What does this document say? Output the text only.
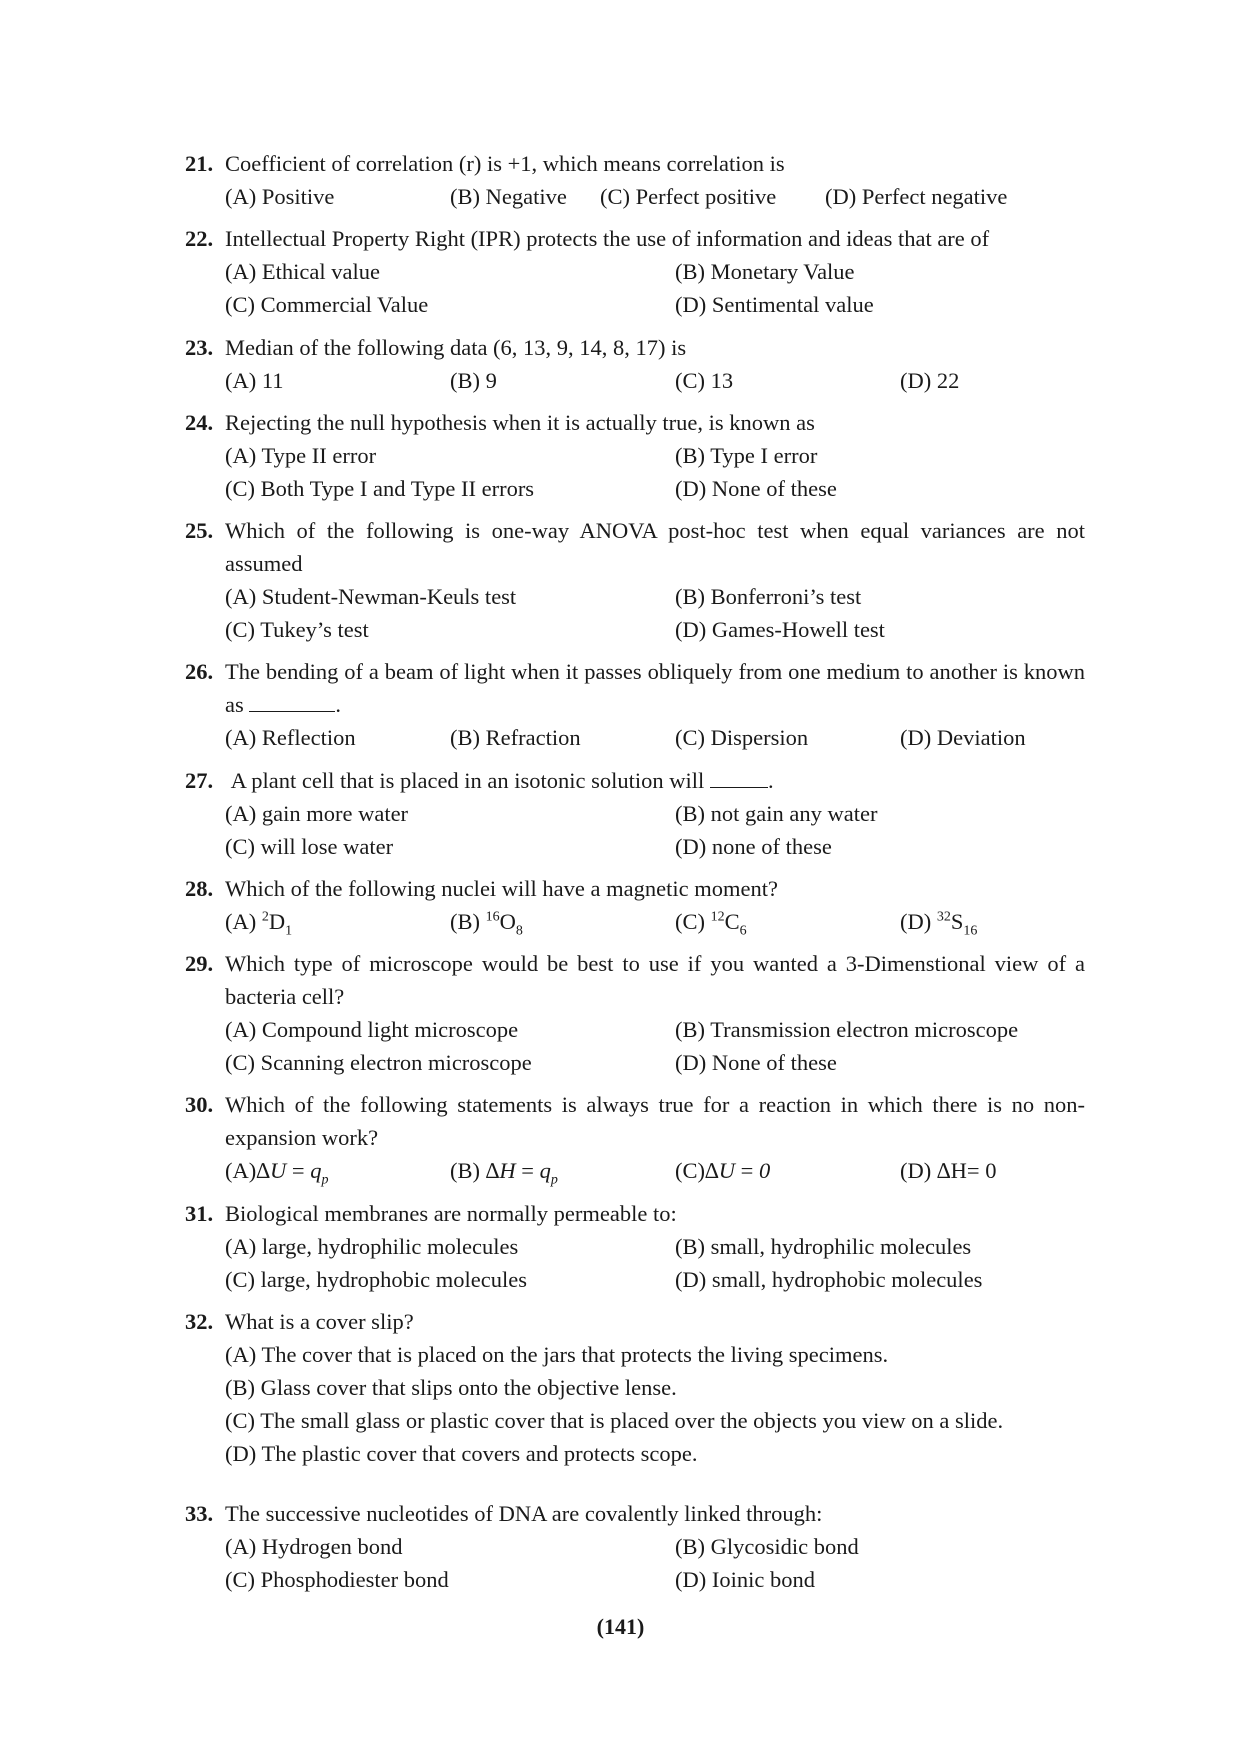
21. Coefficient of correlation (r) is +1, which means correlation is
(A) Positive	(B) Negative	(C) Perfect positive	(D) Perfect negative
22. Intellectual Property Right (IPR) protects the use of information and ideas that are of
(A) Ethical value	(B) Monetary Value
(C) Commercial Value	(D) Sentimental value
23. Median of the following data (6, 13, 9, 14, 8, 17) is
(A) 11	(B) 9	(C) 13	(D) 22
24. Rejecting the null hypothesis when it is actually true, is known as
(A) Type II error	(B) Type I error
(C) Both Type I and Type II errors	(D) None of these
25. Which of the following is one-way ANOVA post-hoc test when equal variances are not assumed
(A) Student-Newman-Keuls test	(B) Bonferroni’s test
(C) Tukey’s test	(D) Games-Howell test
26. The bending of a beam of light when it passes obliquely from one medium to another is known as	.
(A) Reflection	(B) Refraction	(C) Dispersion	(D) Deviation
27. A plant cell that is placed in an isotonic solution will	.
(A) gain more water	(B) not gain any water
(C) will lose water	(D) none of these
28. Which of the following nuclei will have a magnetic moment?
(A) $^2D_1$	(B) $^{16}O_8$	(C) $^{12}C_6$	(D) $^{32}S_{16}$
29. Which type of microscope would be best to use if you wanted a 3-Dimenstional view of a bacteria cell?
(A) Compound light microscope	(B) Transmission electron microscope
(C) Scanning electron microscope	(D) None of these
30. Which of the following statements is always true for a reaction in which there is no non-expansion work?
$(A)\Delta U = q_p$	(B) $\Delta H = q_p$	(C)∆U = 0	(D) ∆H= 0
31. Biological membranes are normally permeable to:
(A) large, hydrophilic molecules	(B) small, hydrophilic molecules
(C) large, hydrophobic molecules	(D) small, hydrophobic molecules
32. What is a cover slip?
(A) The cover that is placed on the jars that protects the living specimens.
(B) Glass cover that slips onto the objective lense.
(C) The small glass or plastic cover that is placed over the objects you view on a slide.
(D) The plastic cover that covers and protects scope.
33. The successive nucleotides of DNA are covalently linked through:
(A) Hydrogen bond	(B) Glycosidic bond
(C) Phosphodiester bond	(D) Ioinic bond
(141)
